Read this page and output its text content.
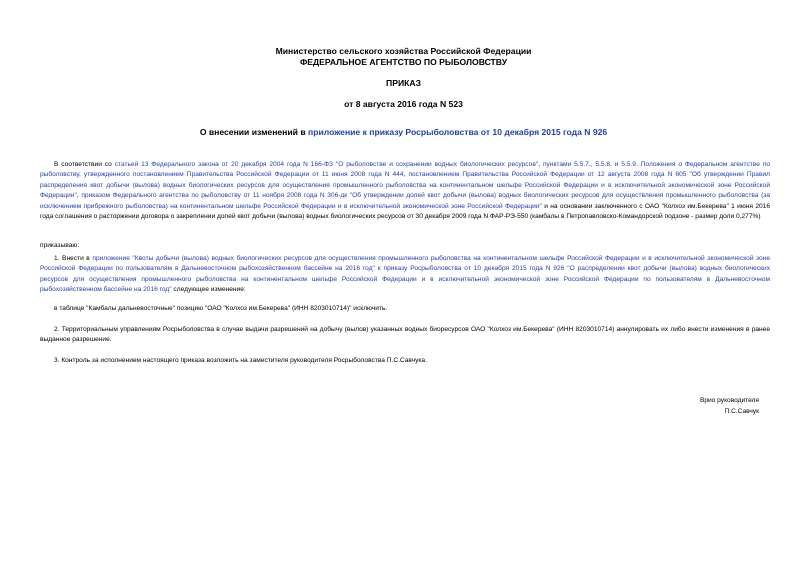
Министерство сельского хозяйства Российской Федерации
ФЕДЕРАЛЬНОЕ АГЕНТСТВО ПО РЫБОЛОВСТВУ
ПРИКАЗ
от 8 августа 2016 года N 523
О внесении изменений в приложение к приказу Росрыболовства от 10 декабря 2015 года N 926

В соответствии со статьей 13 Федерального закона от 20 декабря 2004 года N 166-ФЗ "О рыболовстве и сохранении водных биологических ресурсов", пунктами 5.5.7., 5.5.8. и 5.5.9. Положения о Федеральном агентстве по рыболовству, утвержденного постановлением Правительства Российской Федерации от 11 июня 2008 года N 444, постановлением Правительства Российской Федерации от 12 августа 2008 года N 605 "Об утверждении Правил распределения квот добычи (вылова) водных биологических ресурсов для осуществления промышленного рыболовства на континентальном шельфе Российской Федерации и в исключительной экономической зоне Российской Федерации", приказом Федерального агентства по рыболовству от 11 ноября 2008 года N 306-дк "Об утверждении долей квот добычи (вылова) водных биологических ресурсов для осуществления промышленного рыболовства (за исключением прибрежного рыболовства) на континентальном шельфе Российской Федерации и в исключительной экономической зоне Российской Федерации" и на основании заключенного с ОАО "Колхоз им.Бекерева" 1 июня 2016 года соглашения о расторжении договора о закреплении долей квот добычи (вылова) водных биологических ресурсов от 30 декабря 2009 года N ФАР-РЭ-550 (камбалы в Петропавловско-Командорской подзоне - размер доли 0,277%)

приказываю:

1. Внести в приложение "Квоты добычи (вылова) водных биологических ресурсов для осуществления промышленного рыболовства на континентальном шельфе Российской Федерации и в исключительной экономической зоне Российской Федерации по пользователям в Дальневосточном рыбохозяйственном бассейне на 2016 год" к приказу Росрыболовства от 10 декабря 2015 года N 926 "О распределении квот добычи (вылова) водных биологических ресурсов для осуществления промышленного рыболовства на континентальном шельфе Российской Федерации и в исключительной экономической зоне Российской Федерации по пользователям в Дальневосточном рыбохозяйственном бассейне на 2016 год" следующее изменение:

в таблице "Камбалы дальневосточные" позицию "ОАО "Колхоз им.Бекерева" (ИНН 8203010714)" исключить.

2. Территориальным управлениям Росрыболовства в случае выдачи разрешений на добычу (вылов) указанных водных биоресурсов ОАО "Колхоз им.Бекерева" (ИНН 8203010714) аннулировать их либо внести изменения в ранее выданное разрешение.

3. Контроль за исполнением настоящего приказа возложить на заместителя руководителя Росрыболовства П.С.Савчука.

Врио руководителя
П.С.Савчук
